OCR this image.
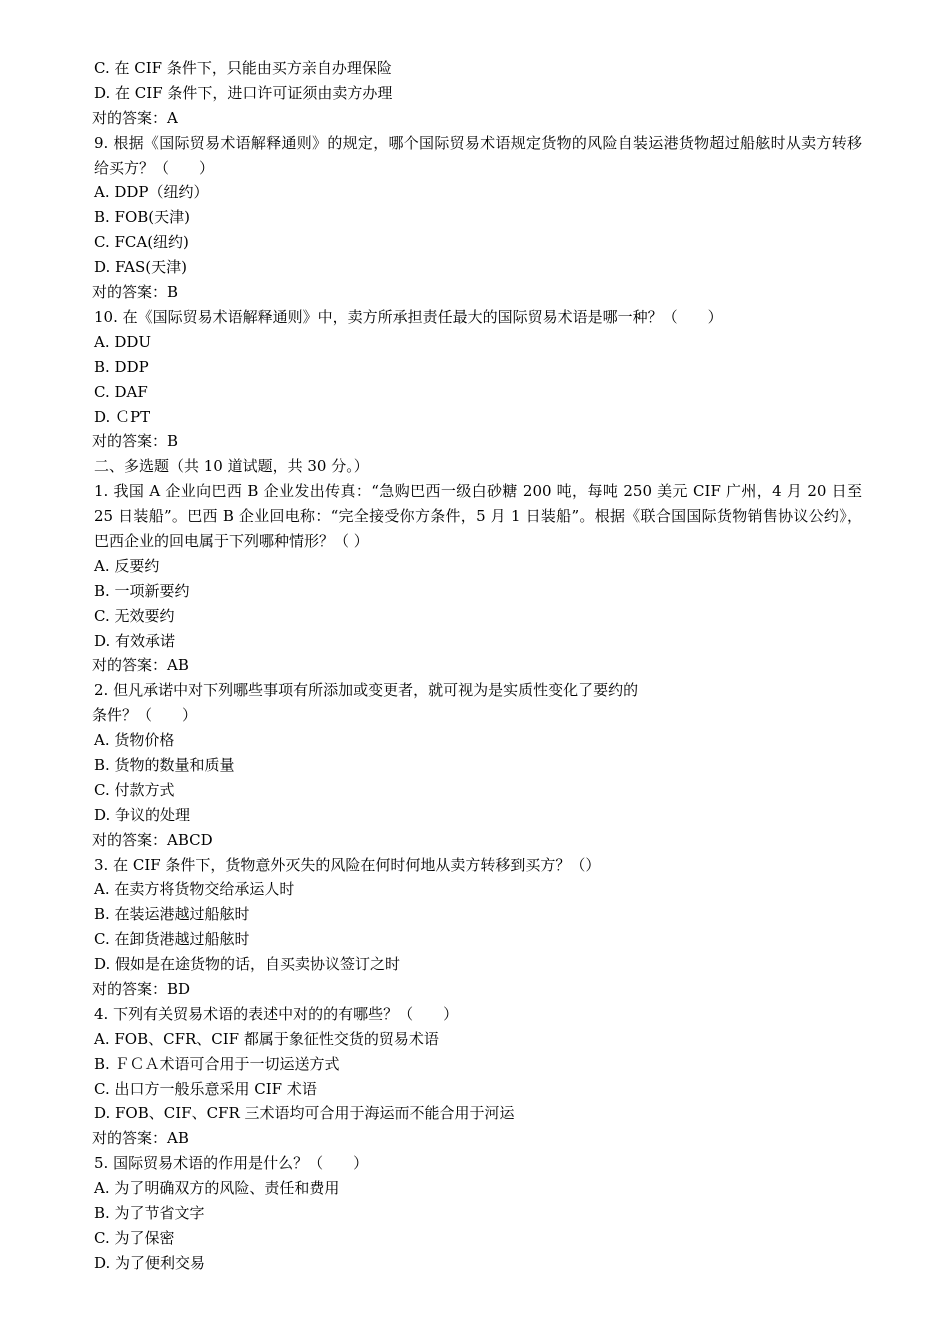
C. 在 CIF 条件下，只能由买方亲自办理保险
D. 在 CIF 条件下，进口许可证须由卖方办理
对的答案：A
9. 根据《国际贸易术语解释通则》的规定，哪个国际贸易术语规定货物的风险自装运港货物超过船舷时从卖方转移给买方？（　　）
A. DDP（纽约）
B. FOB(天津)
C. FCA(纽约)
D. FAS(天津)
对的答案：B
10. 在《国际贸易术语解释通则》中，卖方所承担责任最大的国际贸易术语是哪一种？（　　）
A. DDU
B. DDP
C. DAF
D. ＣPT
对的答案：B
二、多选题（共 10 道试题，共 30 分。）
1. 我国 A 企业向巴西 B 企业发出传真：“急购巴西一级白砂糖 200 吨，每吨 250 美元 CIF 广州，4 月 20 日至 25 日装船”。巴西 B 企业回电称：“完全接受你方条件，5 月 1 日装船”。根据《联合国国际货物销售协议公约》，巴西企业的回电属于下列哪种情形？（ ）
A. 反要约
B. 一项新要约
C. 无效要约
D. 有效承诺
对的答案：AB
2. 但凡承诺中对下列哪些事项有所添加或变更者，就可视为是实质性变化了要约的
条件？（　　）
A. 货物价格
B. 货物的数量和质量
C. 付款方式
D. 争议的处理
对的答案：ABCD
3. 在 CIF 条件下，货物意外灭失的风险在何时何地从卖方转移到买方？（）
A. 在卖方将货物交给承运人时
B. 在装运港越过船舷时
C. 在卸货港越过船舷时
D. 假如是在途货物的话，自买卖协议签订之时
对的答案：BD
4. 下列有关贸易术语的表述中对的的有哪些？（　　）
A. FOB、CFR、CIF 都属于象征性交货的贸易术语
B. ＦＣＡ术语可合用于一切运送方式
C. 出口方一般乐意采用 CIF 术语
D. FOB、CIF、CFR 三术语均可合用于海运而不能合用于河运
对的答案：AB
5. 国际贸易术语的作用是什么？（　　）
A. 为了明确双方的风险、责任和费用
B. 为了节省文字
C. 为了保密
D. 为了便利交易
